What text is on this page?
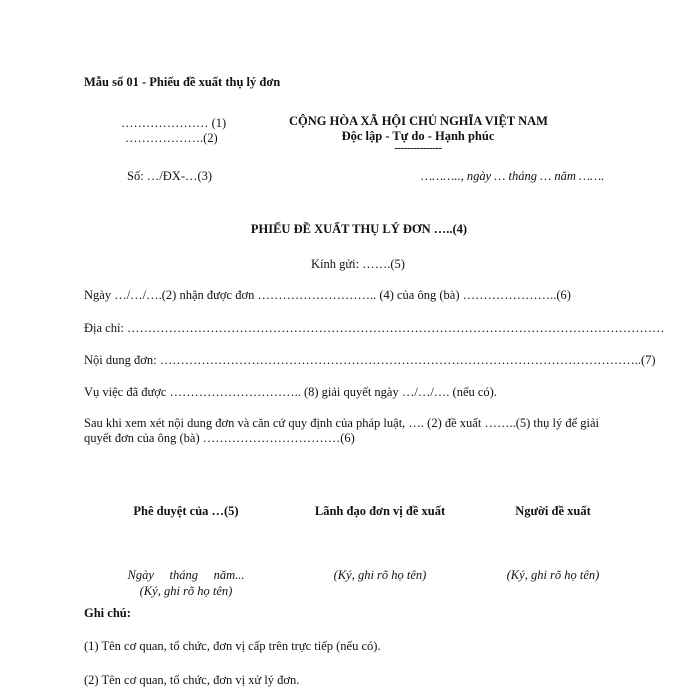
Mẫu số 01 - Phiếu đề xuất thụ lý đơn
………………… (1)
……………….(2)
CỘNG HÒA XÃ HỘI CHỦ NGHĨA VIỆT NAM
Độc lập - Tự do - Hạnh phúc
---------------
Số: …/ĐX-…(3)	……….., ngày … tháng … năm …….
PHIẾU ĐỀ XUẤT THỤ LÝ ĐƠN …..(4)
Kính gửi: …….(5)
Ngày …/…/….(2) nhận được đơn ……………………….. (4) của ông (bà) …………………..(6)
Địa chỉ: …………………………………………………………………………………………………………………
Nội dung đơn: ……………………………………………………………………………………………………..(7)
Vụ việc đã được ………………………….. (8) giải quyết ngày …/…/…. (nếu có).
Sau khi xem xét nội dung đơn và căn cứ quy định của pháp luật, …. (2) đề xuất ……..(5) thụ lý để giải quyết đơn của ông (bà) ……………………………(6)
Phê duyệt của …(5)
Ngày     tháng     năm...
(Ký, ghi rõ họ tên)
Lãnh đạo đơn vị đề xuất
(Ký, ghi rõ họ tên)
Người đề xuất
(Ký, ghi rõ họ tên)
Ghi chú:
(1) Tên cơ quan, tổ chức, đơn vị cấp trên trực tiếp (nếu có).
(2) Tên cơ quan, tổ chức, đơn vị xử lý đơn.
